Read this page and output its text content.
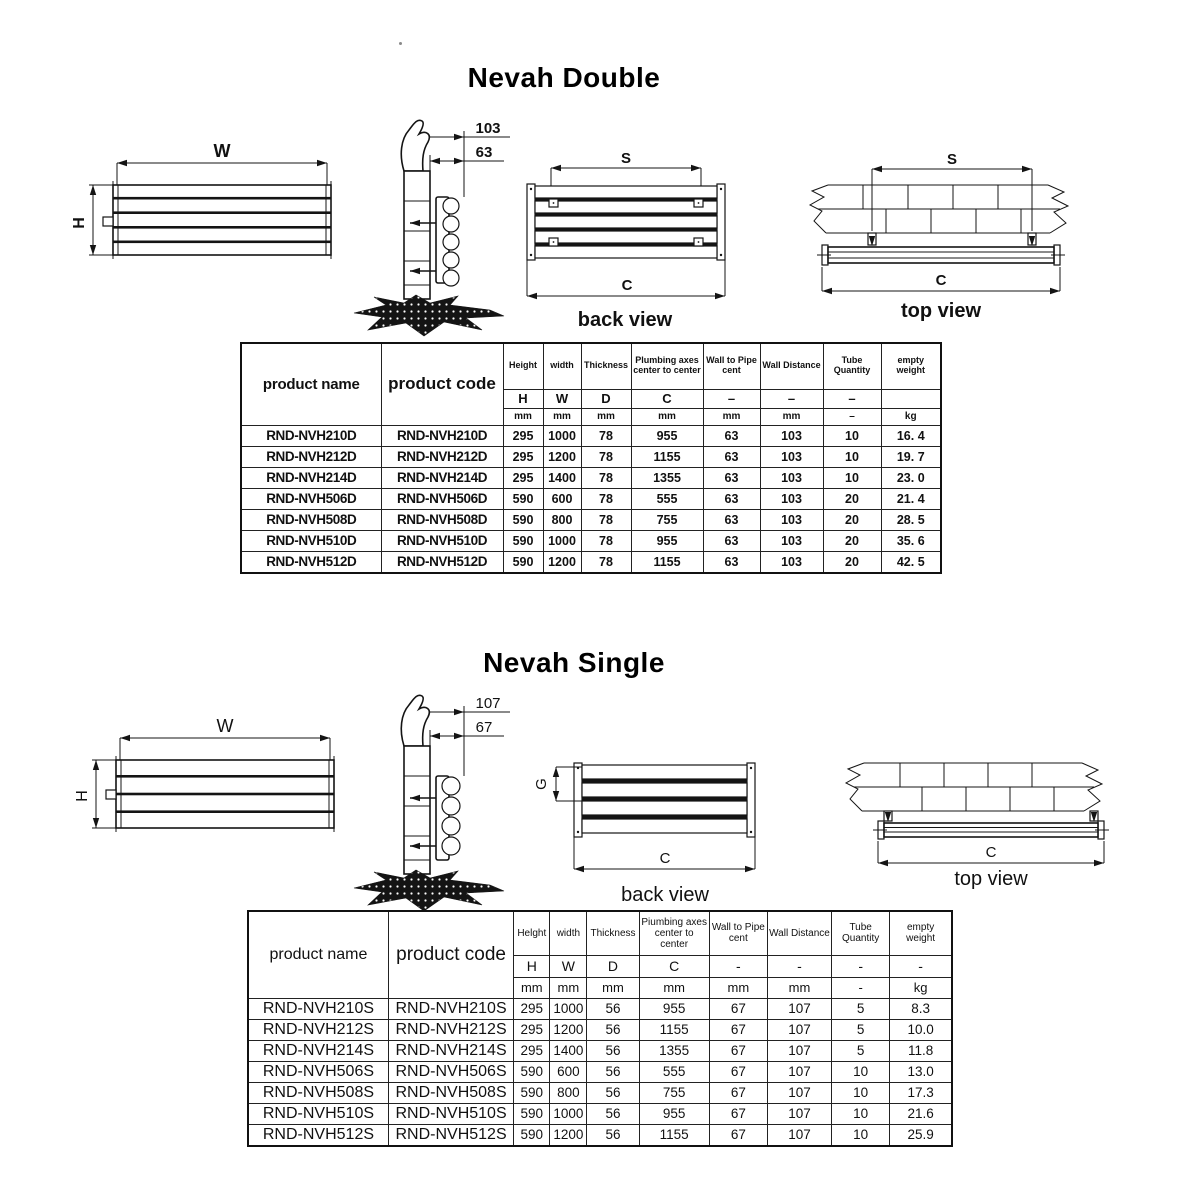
Nevah Double
W
H
103
63	S
C
back view
S
C
top view
product name	product code	Height	width	Thickness	Plumbing axes center to center	Wall to Pipe cent	Wall Distance	Tube Quantity	empty weight
		H	W	D	C	–	–	–	
		mm	mm	mm	mm	mm	mm	–	kg
RND-NVH210D	RND-NVH210D	295	1000	78	955	63	103	10	16. 4
RND-NVH212D	RND-NVH212D	295	1200	78	1155	63	103	10	19. 7
RND-NVH214D	RND-NVH214D	295	1400	78	1355	63	103	10	23. 0
RND-NVH506D	RND-NVH506D	590	600	78	555	63	103	20	21. 4
RND-NVH508D	RND-NVH508D	590	800	78	755	63	103	20	28. 5
RND-NVH510D	RND-NVH510D	590	1000	78	955	63	103	20	35. 6
RND-NVH512D	RND-NVH512D	590	1200	78	1155	63	103	20	42. 5
Nevah Single
W
H
107
67
G
C
back view
C
top view
product name	product code	Helght	width	Thickness	Piumbing axes center to center	Wall to Pipe cent	Wall Distance	Tube Quantity	empty weight
		H	W	D	C	-	-	-	-
		mm	mm	mm	mm	mm	mm	-	kg
RND-NVH210S	RND-NVH210S	295	1000	56	955	67	107	5	8.3
RND-NVH212S	RND-NVH212S	295	1200	56	1155	67	107	5	10.0
RND-NVH214S	RND-NVH214S	295	1400	56	1355	67	107	5	11.8
RND-NVH506S	RND-NVH506S	590	600	56	555	67	107	10	13.0
RND-NVH508S	RND-NVH508S	590	800	56	755	67	107	10	17.3
RND-NVH510S	RND-NVH510S	590	1000	56	955	67	107	10	21.6
RND-NVH512S	RND-NVH512S	590	1200	56	1155	67	107	10	25.9
